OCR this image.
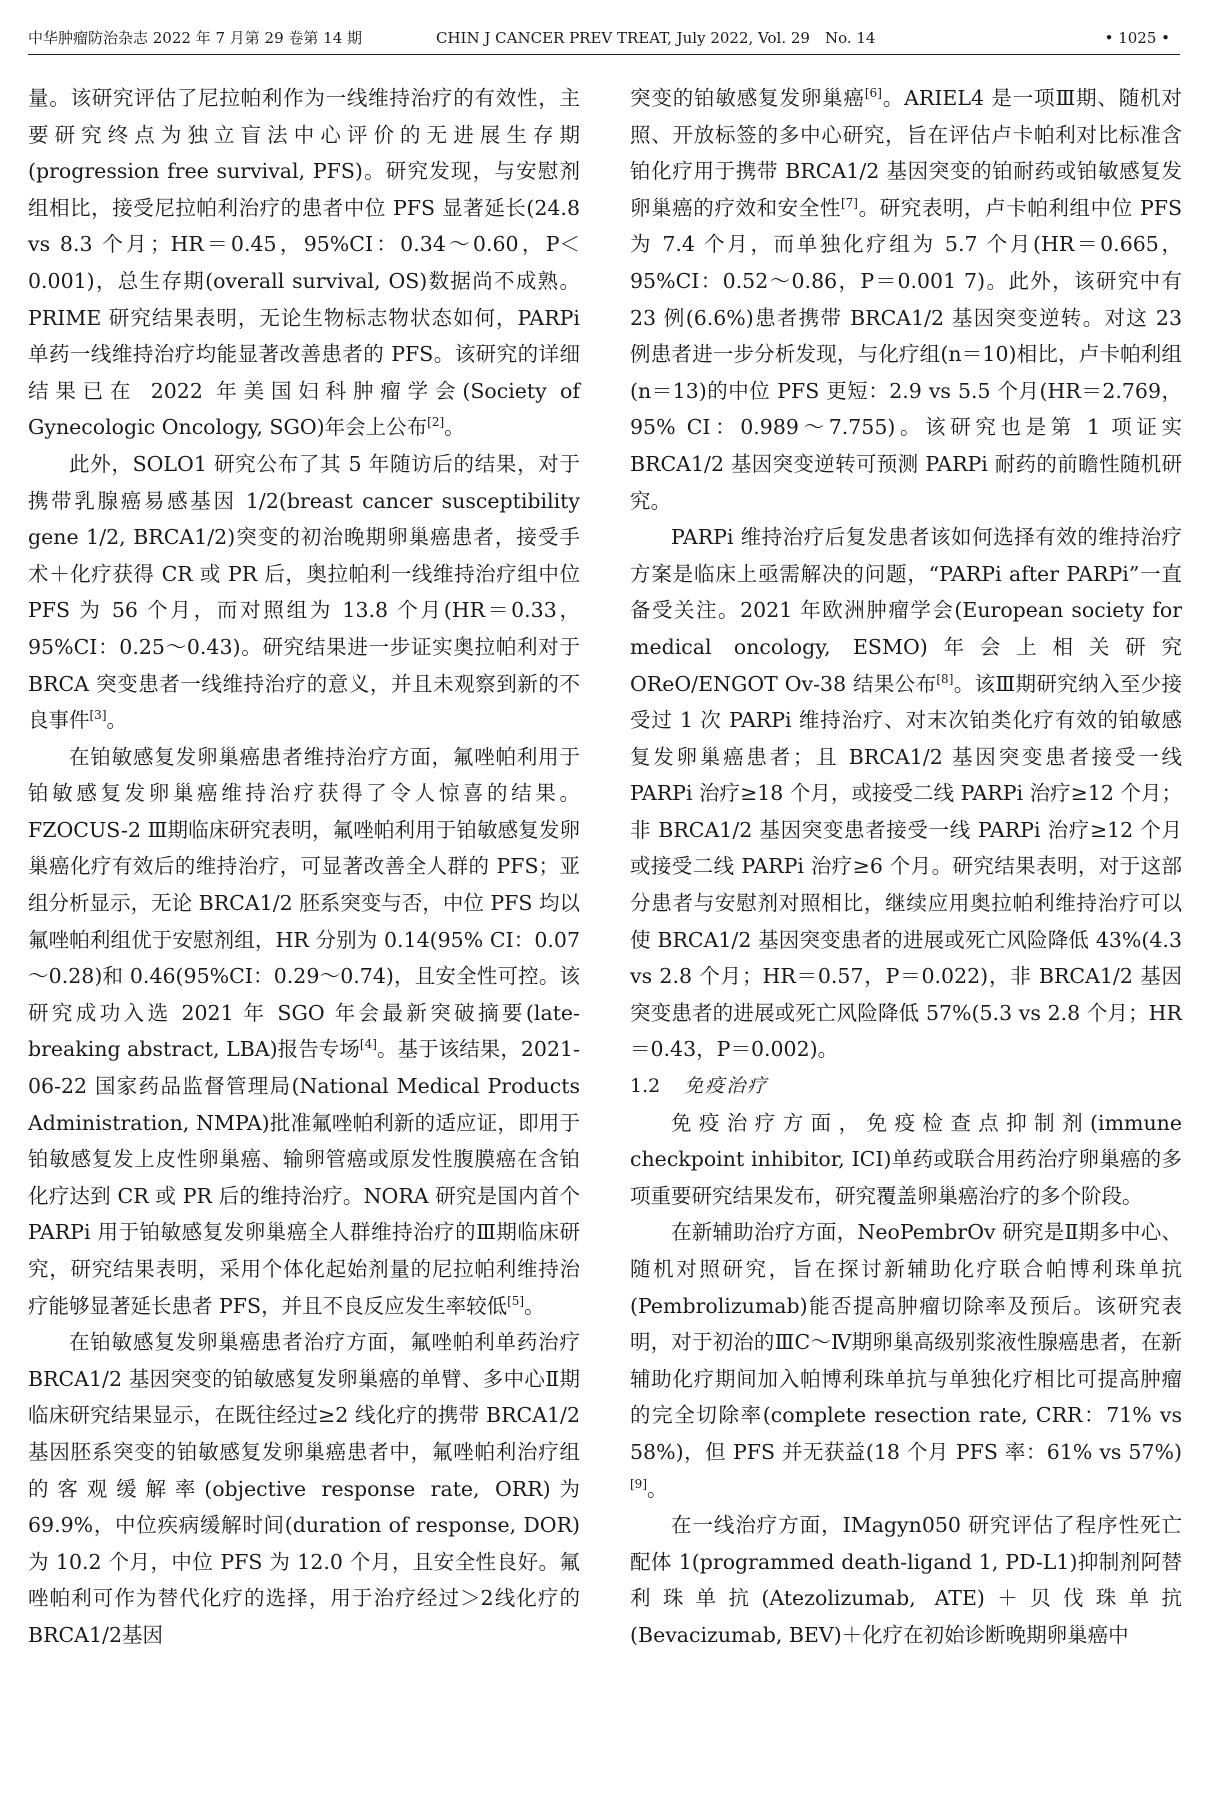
中华肿瘤防治杂志 2022 年 7 月第 29 卷第 14 期	CHIN J CANCER PREV TREAT, July 2022, Vol. 29　No. 14	• 1025 •

量。该研究评估了尼拉帕利作为一线维持治疗的有效性，主要研究终点为独立盲法中心评价的无进展生存期(progression free survival, PFS)。研究发现，与安慰剂组相比，接受尼拉帕利治疗的患者中位 PFS 显著延长(24.8 vs 8.3 个月；HR＝0.45，95%CI：0.34～0.60，P＜0.001)，总生存期(overall survival, OS)数据尚不成熟。PRIME 研究结果表明，无论生物标志物状态如何，PARPi 单药一线维持治疗均能显著改善患者的 PFS。该研究的详细结果已在 2022 年美国妇科肿瘤学会(Society of Gynecologic Oncology, SGO)年会上公布[2]。

此外，SOLO1 研究公布了其 5 年随访后的结果，对于携带乳腺癌易感基因 1/2(breast cancer susceptibility gene 1/2, BRCA1/2)突变的初治晚期卵巢癌患者，接受手术＋化疗获得 CR 或 PR 后，奥拉帕利一线维持治疗组中位 PFS 为 56 个月，而对照组为 13.8 个月(HR＝0.33，95%CI：0.25～0.43)。研究结果进一步证实奥拉帕利对于 BRCA 突变患者一线维持治疗的意义，并且未观察到新的不良事件[3]。

在铂敏感复发卵巢癌患者维持治疗方面，氟唑帕利用于铂敏感复发卵巢癌维持治疗获得了令人惊喜的结果。FZOCUS-2 Ⅲ期临床研究表明，氟唑帕利用于铂敏感复发卵巢癌化疗有效后的维持治疗，可显著改善全人群的 PFS；亚组分析显示，无论 BRCA1/2 胚系突变与否，中位 PFS 均以氟唑帕利组优于安慰剂组，HR 分别为 0.14(95% CI：0.07～0.28)和 0.46(95%CI：0.29～0.74)，且安全性可控。该研究成功入选 2021 年 SGO 年会最新突破摘要(late-breaking abstract, LBA)报告专场[4]。基于该结果，2021-06-22 国家药品监督管理局(National Medical Products Administration, NMPA)批准氟唑帕利新的适应证，即用于铂敏感复发上皮性卵巢癌、输卵管癌或原发性腹膜癌在含铂化疗达到 CR 或 PR 后的维持治疗。NORA 研究是国内首个 PARPi 用于铂敏感复发卵巢癌全人群维持治疗的Ⅲ期临床研究，研究结果表明，采用个体化起始剂量的尼拉帕利维持治疗能够显著延长患者 PFS，并且不良反应发生率较低[5]。

在铂敏感复发卵巢癌患者治疗方面，氟唑帕利单药治疗 BRCA1/2 基因突变的铂敏感复发卵巢癌的单臂、多中心Ⅱ期临床研究结果显示，在既往经过≥2 线化疗的携带 BRCA1/2 基因胚系突变的铂敏感复发卵巢癌患者中，氟唑帕利治疗组的客观缓解率(objective response rate, ORR)为 69.9%，中位疾病缓解时间(duration of response, DOR)为 10.2 个月，中位 PFS 为 12.0 个月，且安全性良好。氟唑帕利可作为替代化疗的选择，用于治疗经过＞2线化疗的BRCA1/2基因

突变的铂敏感复发卵巢癌[6]。ARIEL4 是一项Ⅲ期、随机对照、开放标签的多中心研究，旨在评估卢卡帕利对比标准含铂化疗用于携带 BRCA1/2 基因突变的铂耐药或铂敏感复发卵巢癌的疗效和安全性[7]。研究表明，卢卡帕利组中位 PFS 为 7.4 个月，而单独化疗组为 5.7 个月(HR＝0.665，95%CI：0.52～0.86，P＝0.001 7)。此外，该研究中有 23 例(6.6%)患者携带 BRCA1/2 基因突变逆转。对这 23 例患者进一步分析发现，与化疗组(n＝10)相比，卢卡帕利组(n＝13)的中位 PFS 更短：2.9 vs 5.5 个月(HR＝2.769，95% CI：0.989～7.755)。该研究也是第 1 项证实 BRCA1/2 基因突变逆转可预测 PARPi 耐药的前瞻性随机研究。

PARPi 维持治疗后复发患者该如何选择有效的维持治疗方案是临床上亟需解决的问题，“PARPi after PARPi”一直备受关注。2021 年欧洲肿瘤学会(European society for medical oncology, ESMO)年会上相关研究 OReO/ENGOT Ov-38 结果公布[8]。该Ⅲ期研究纳入至少接受过 1 次 PARPi 维持治疗、对末次铂类化疗有效的铂敏感复发卵巢癌患者；且 BRCA1/2 基因突变患者接受一线 PARPi 治疗≥18 个月，或接受二线 PARPi 治疗≥12 个月；非 BRCA1/2 基因突变患者接受一线 PARPi 治疗≥12 个月或接受二线 PARPi 治疗≥6 个月。研究结果表明，对于这部分患者与安慰剂对照相比，继续应用奥拉帕利维持治疗可以使 BRCA1/2 基因突变患者的进展或死亡风险降低 43%(4.3 vs 2.8 个月；HR＝0.57，P＝0.022)，非 BRCA1/2 基因突变患者的进展或死亡风险降低 57%(5.3 vs 2.8 个月；HR＝0.43，P＝0.002)。

1.2 免疫治疗

免疫治疗方面，免疫检查点抑制剂(immune checkpoint inhibitor, ICI)单药或联合用药治疗卵巢癌的多项重要研究结果发布，研究覆盖卵巢癌治疗的多个阶段。

在新辅助治疗方面，NeoPembrOv 研究是Ⅱ期多中心、随机对照研究，旨在探讨新辅助化疗联合帕博利珠单抗(Pembrolizumab)能否提高肿瘤切除率及预后。该研究表明，对于初治的ⅢC～Ⅳ期卵巢高级别浆液性腺癌患者，在新辅助化疗期间加入帕博利珠单抗与单独化疗相比可提高肿瘤的完全切除率(complete resection rate, CRR：71% vs 58%)，但 PFS 并无获益(18 个月 PFS 率：61% vs 57%)[9]。

在一线治疗方面，IMagyn050 研究评估了程序性死亡配体 1(programmed death-ligand 1, PD-L1)抑制剂阿替利珠单抗(Atezolizumab, ATE)＋贝伐珠单抗(Bevacizumab, BEV)＋化疗在初始诊断晚期卵巢癌中
